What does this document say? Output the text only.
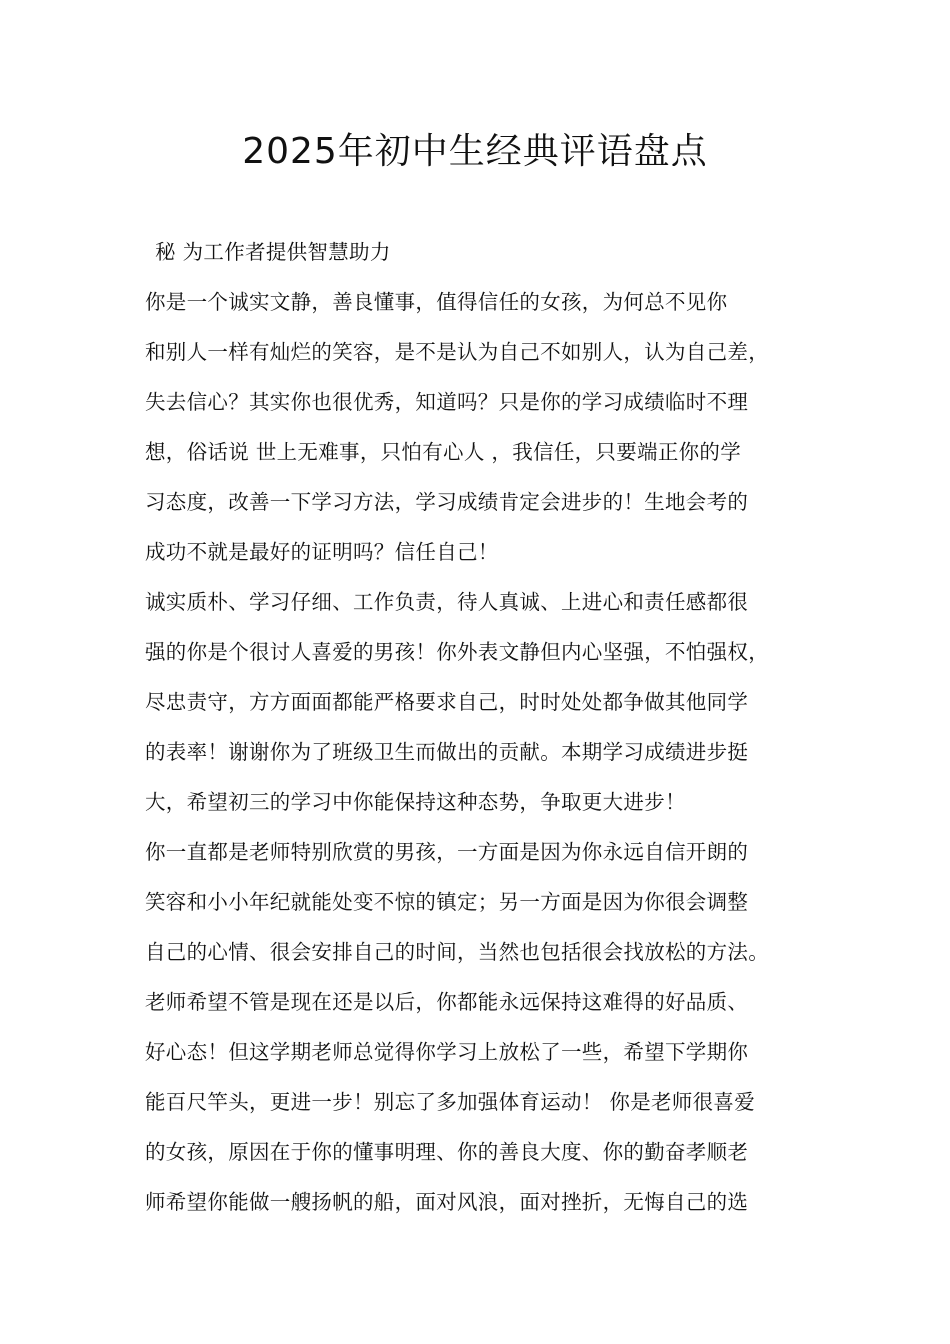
2025年初中生经典评语盘点
秘 为工作者提供智慧助力
你是一个诚实文静，善良懂事，值得信任的女孩，为何总不见你
和别人一样有灿烂的笑容，是不是认为自己不如别人，认为自己差，
失去信心？其实你也很优秀，知道吗？只是你的学习成绩临时不理
想，俗话说 世上无难事，只怕有心人 ，我信任，只要端正你的学
习态度，改善一下学习方法，学习成绩肯定会进步的！生地会考的
成功不就是最好的证明吗？信任自己！
诚实质朴、学习仔细、工作负责，待人真诚、上进心和责任感都很
强的你是个很讨人喜爱的男孩！你外表文静但内心坚强，不怕强权，
尽忠责守，方方面面都能严格要求自己，时时处处都争做其他同学
的表率！谢谢你为了班级卫生而做出的贡献。本期学习成绩进步挺
大，希望初三的学习中你能保持这种态势，争取更大进步！
你一直都是老师特别欣赏的男孩，一方面是因为你永远自信开朗的
笑容和小小年纪就能处变不惊的镇定；另一方面是因为你很会调整
自己的心情、很会安排自己的时间，当然也包括很会找放松的方法。
老师希望不管是现在还是以后，你都能永远保持这难得的好品质、
好心态！但这学期老师总觉得你学习上放松了一些，希望下学期你
能百尺竿头，更进一步！别忘了多加强体育运动！ 你是老师很喜爱
的女孩，原因在于你的懂事明理、你的善良大度、你的勤奋孝顺老
师希望你能做一艘扬帆的船，面对风浪，面对挫折，无悔自己的选
